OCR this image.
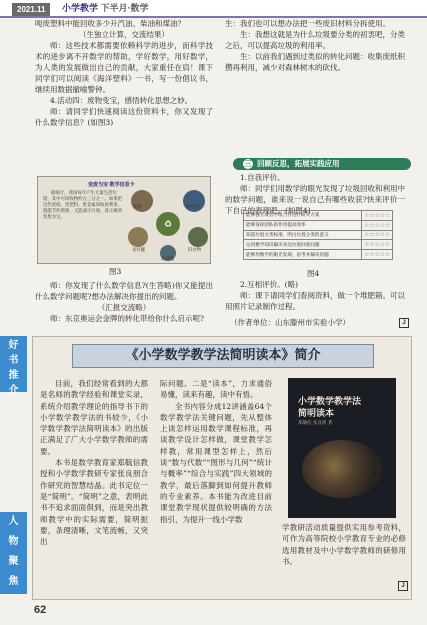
2021.11	小学教学 下半月·数学

吨废塑料中能回收多少升汽油、柴油和煤油？

（生独立计算，交流结果）

师：这些技术都需要依赖科学的进步，而科学技术的进步离不开数学的帮助，学好数学，用好数学，为人类的发展做出自己的贡献，大家重任在肩！课下同学们可以阅读《海洋塑料》一书，写一份倡议书，继续用数据撤喻警钟。

4.活动四：废物变宝，感悟转化思想之妙。

师：请同学们快速阅读这份资料卡，你又发现了什么数学信息？(如图3)

变废为宝·数学信息卡
据统计，我国每年产生大量生活垃圾，其中可回收物约占三分之一。如果把这些废纸、废塑料、废金属回收再利用，既能节约资源，又能减少污染，真正做到变废为宝。
♻
废纸	废塑料
易拉罐	旧衣物
玻璃瓶
图3

师：你发现了什么数学信息?(生答略)你又能提出什么数学问题呢?想办法解决你提出的问题。

（汇报交流略）

师：东京奥运会金牌的转化带给你什么启示呢?

生：我们也可以想办法把一些废旧材料分拆使用。

生：我想这就是为什么垃圾要分类的初衷吧，分类之后，可以提高垃圾的利用率。

生：以前我们遇到过类似的转化问题：收集废纸积攒再利用，减少对森林树木的砍伐。

三 回顾反思，拓展实践应用

1.自我评价。

师：同学们用数学的眼光发现了垃圾回收和利用中的数学问题，谁来说一说自己有哪些收获?快来评价一下自己的表现吧。(如图4)

能够独立或者小组合作进行研究方案	☆☆☆☆☆
能够发挥团队的作用提高效率	☆☆☆☆☆
知道垃圾分类标准，明白垃圾分类的意义	☆☆☆☆☆
运用数学知识解决身边垃圾回收问题	☆☆☆☆☆
能够用数学的眼光发现、思考并解决问题	☆☆☆☆☆
图4

2.互相评价。(略)

师：课下请同学们查阅资料，做一个堆肥箱。可以用照片记录制作过程。

（作者单位：山东滕州市实验小学）	J
好
书
推
介
人
物
聚
焦
《小学数学教学法简明读本》简介

目前，我们经常看到的大都是名师的教学经验和课堂实录，系统介绍教学理论的指导书下的小学数学教学法的书较少，《小学数学教学法简明读本》的出版正满足了广大小学数学教师的需要。

本书是数学教育家郑毓信教授和小学数学教研专家张良朋合作研究的智慧结晶。此书定位一是“简明”。“简明”之意，表明此书不追求面面俱到，而是突出教师教学中的实际需要，简明扼要，条理清晰，文笔流畅，又突出

际问题。二是“读本”，力求通俗易懂，读来有趣，读中有悟。

全书内容分成12讲涵盖64个数学教学法关键问题，先从整体上谈怎样运用数学课程标准，再谈教学设计怎样做，课堂教学怎样教，常用课型怎样上，然后谈“数与代数”“图形与几何”“统计与概率”“综合与实践”四大领域的教学，最后落脚到如何提升教师的专业素养。本书能为改进目前课堂教学现状提供较明确的方法指引，为提升一线小学数

小学数学教学法
简明读本
郑毓信 张良朋 著

学教研活动质量提供实用参考资料，可作为高等院校小学教育专业的必修选用教材及中小学数学教师的研修用书。

J
62
